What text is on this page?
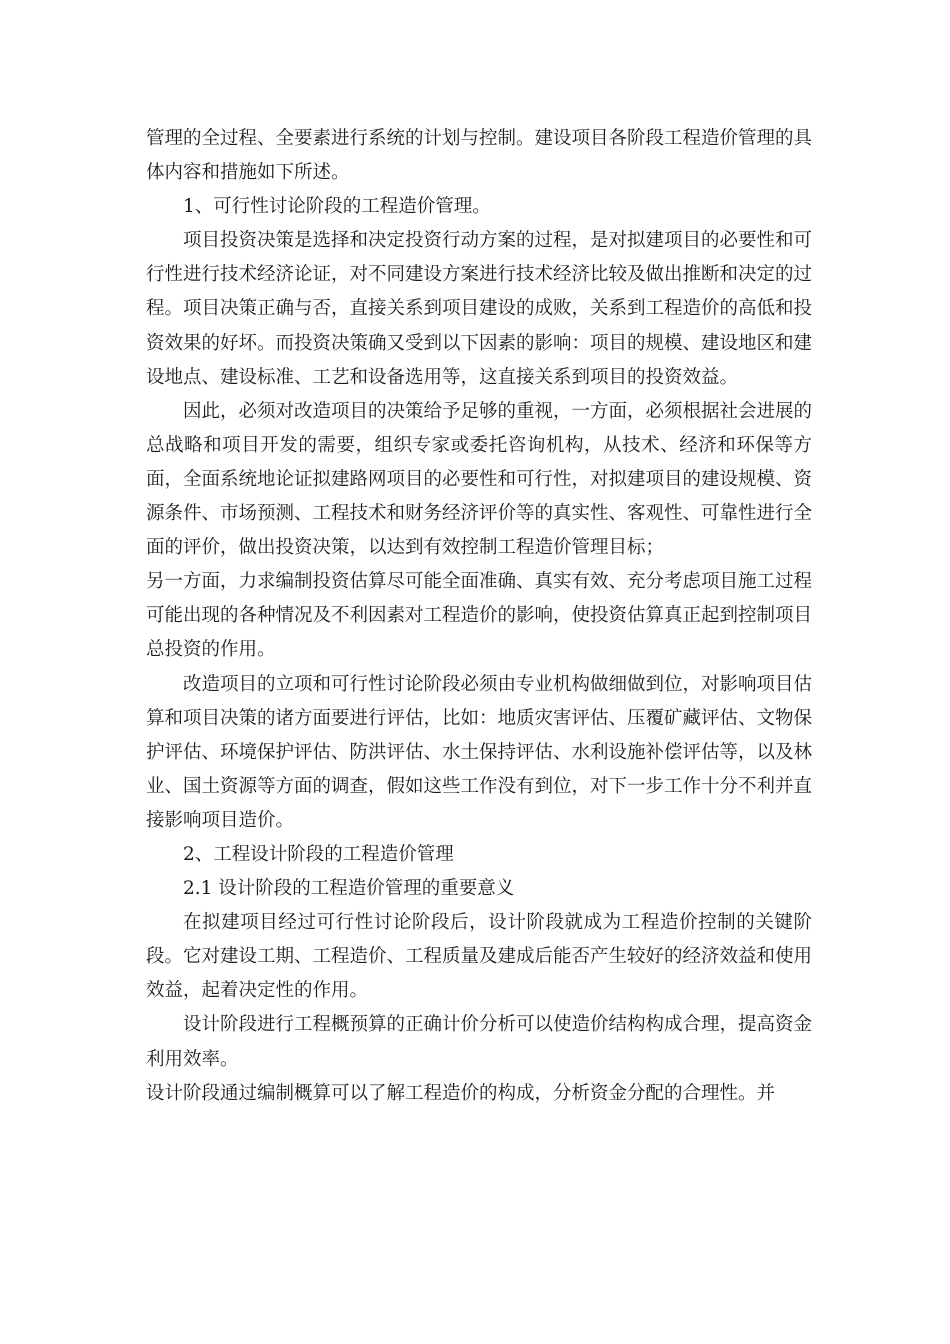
管理的全过程、全要素进行系统的计划与控制。建设项目各阶段工程造价管理的具体内容和措施如下所述。

1、可行性讨论阶段的工程造价管理。

项目投资决策是选择和决定投资行动方案的过程，是对拟建项目的必要性和可行性进行技术经济论证，对不同建设方案进行技术经济比较及做出推断和决定的过程。项目决策正确与否，直接关系到项目建设的成败，关系到工程造价的高低和投资效果的好坏。而投资决策确又受到以下因素的影响：项目的规模、建设地区和建设地点、建设标准、工艺和设备选用等，这直接关系到项目的投资效益。

因此，必须对改造项目的决策给予足够的重视，一方面，必须根据社会进展的总战略和项目开发的需要，组织专家或委托咨询机构，从技术、经济和环保等方面，全面系统地论证拟建路网项目的必要性和可行性，对拟建项目的建设规模、资源条件、市场预测、工程技术和财务经济评价等的真实性、客观性、可靠性进行全面的评价，做出投资决策，以达到有效控制工程造价管理目标；

另一方面，力求编制投资估算尽可能全面准确、真实有效、充分考虑项目施工过程可能出现的各种情况及不利因素对工程造价的影响，使投资估算真正起到控制项目总投资的作用。

改造项目的立项和可行性讨论阶段必须由专业机构做细做到位，对影响项目估算和项目决策的诸方面要进行评估，比如：地质灾害评估、压覆矿藏评估、文物保护评估、环境保护评估、防洪评估、水土保持评估、水利设施补偿评估等，以及林业、国土资源等方面的调查，假如这些工作没有到位，对下一步工作十分不利并直接影响项目造价。

2、工程设计阶段的工程造价管理

2.1 设计阶段的工程造价管理的重要意义

在拟建项目经过可行性讨论阶段后，设计阶段就成为工程造价控制的关键阶段。它对建设工期、工程造价、工程质量及建成后能否产生较好的经济效益和使用效益，起着决定性的作用。

设计阶段进行工程概预算的正确计价分析可以使造价结构构成合理，提高资金利用效率。

设计阶段通过编制概算可以了解工程造价的构成，分析资金分配的合理性。并
